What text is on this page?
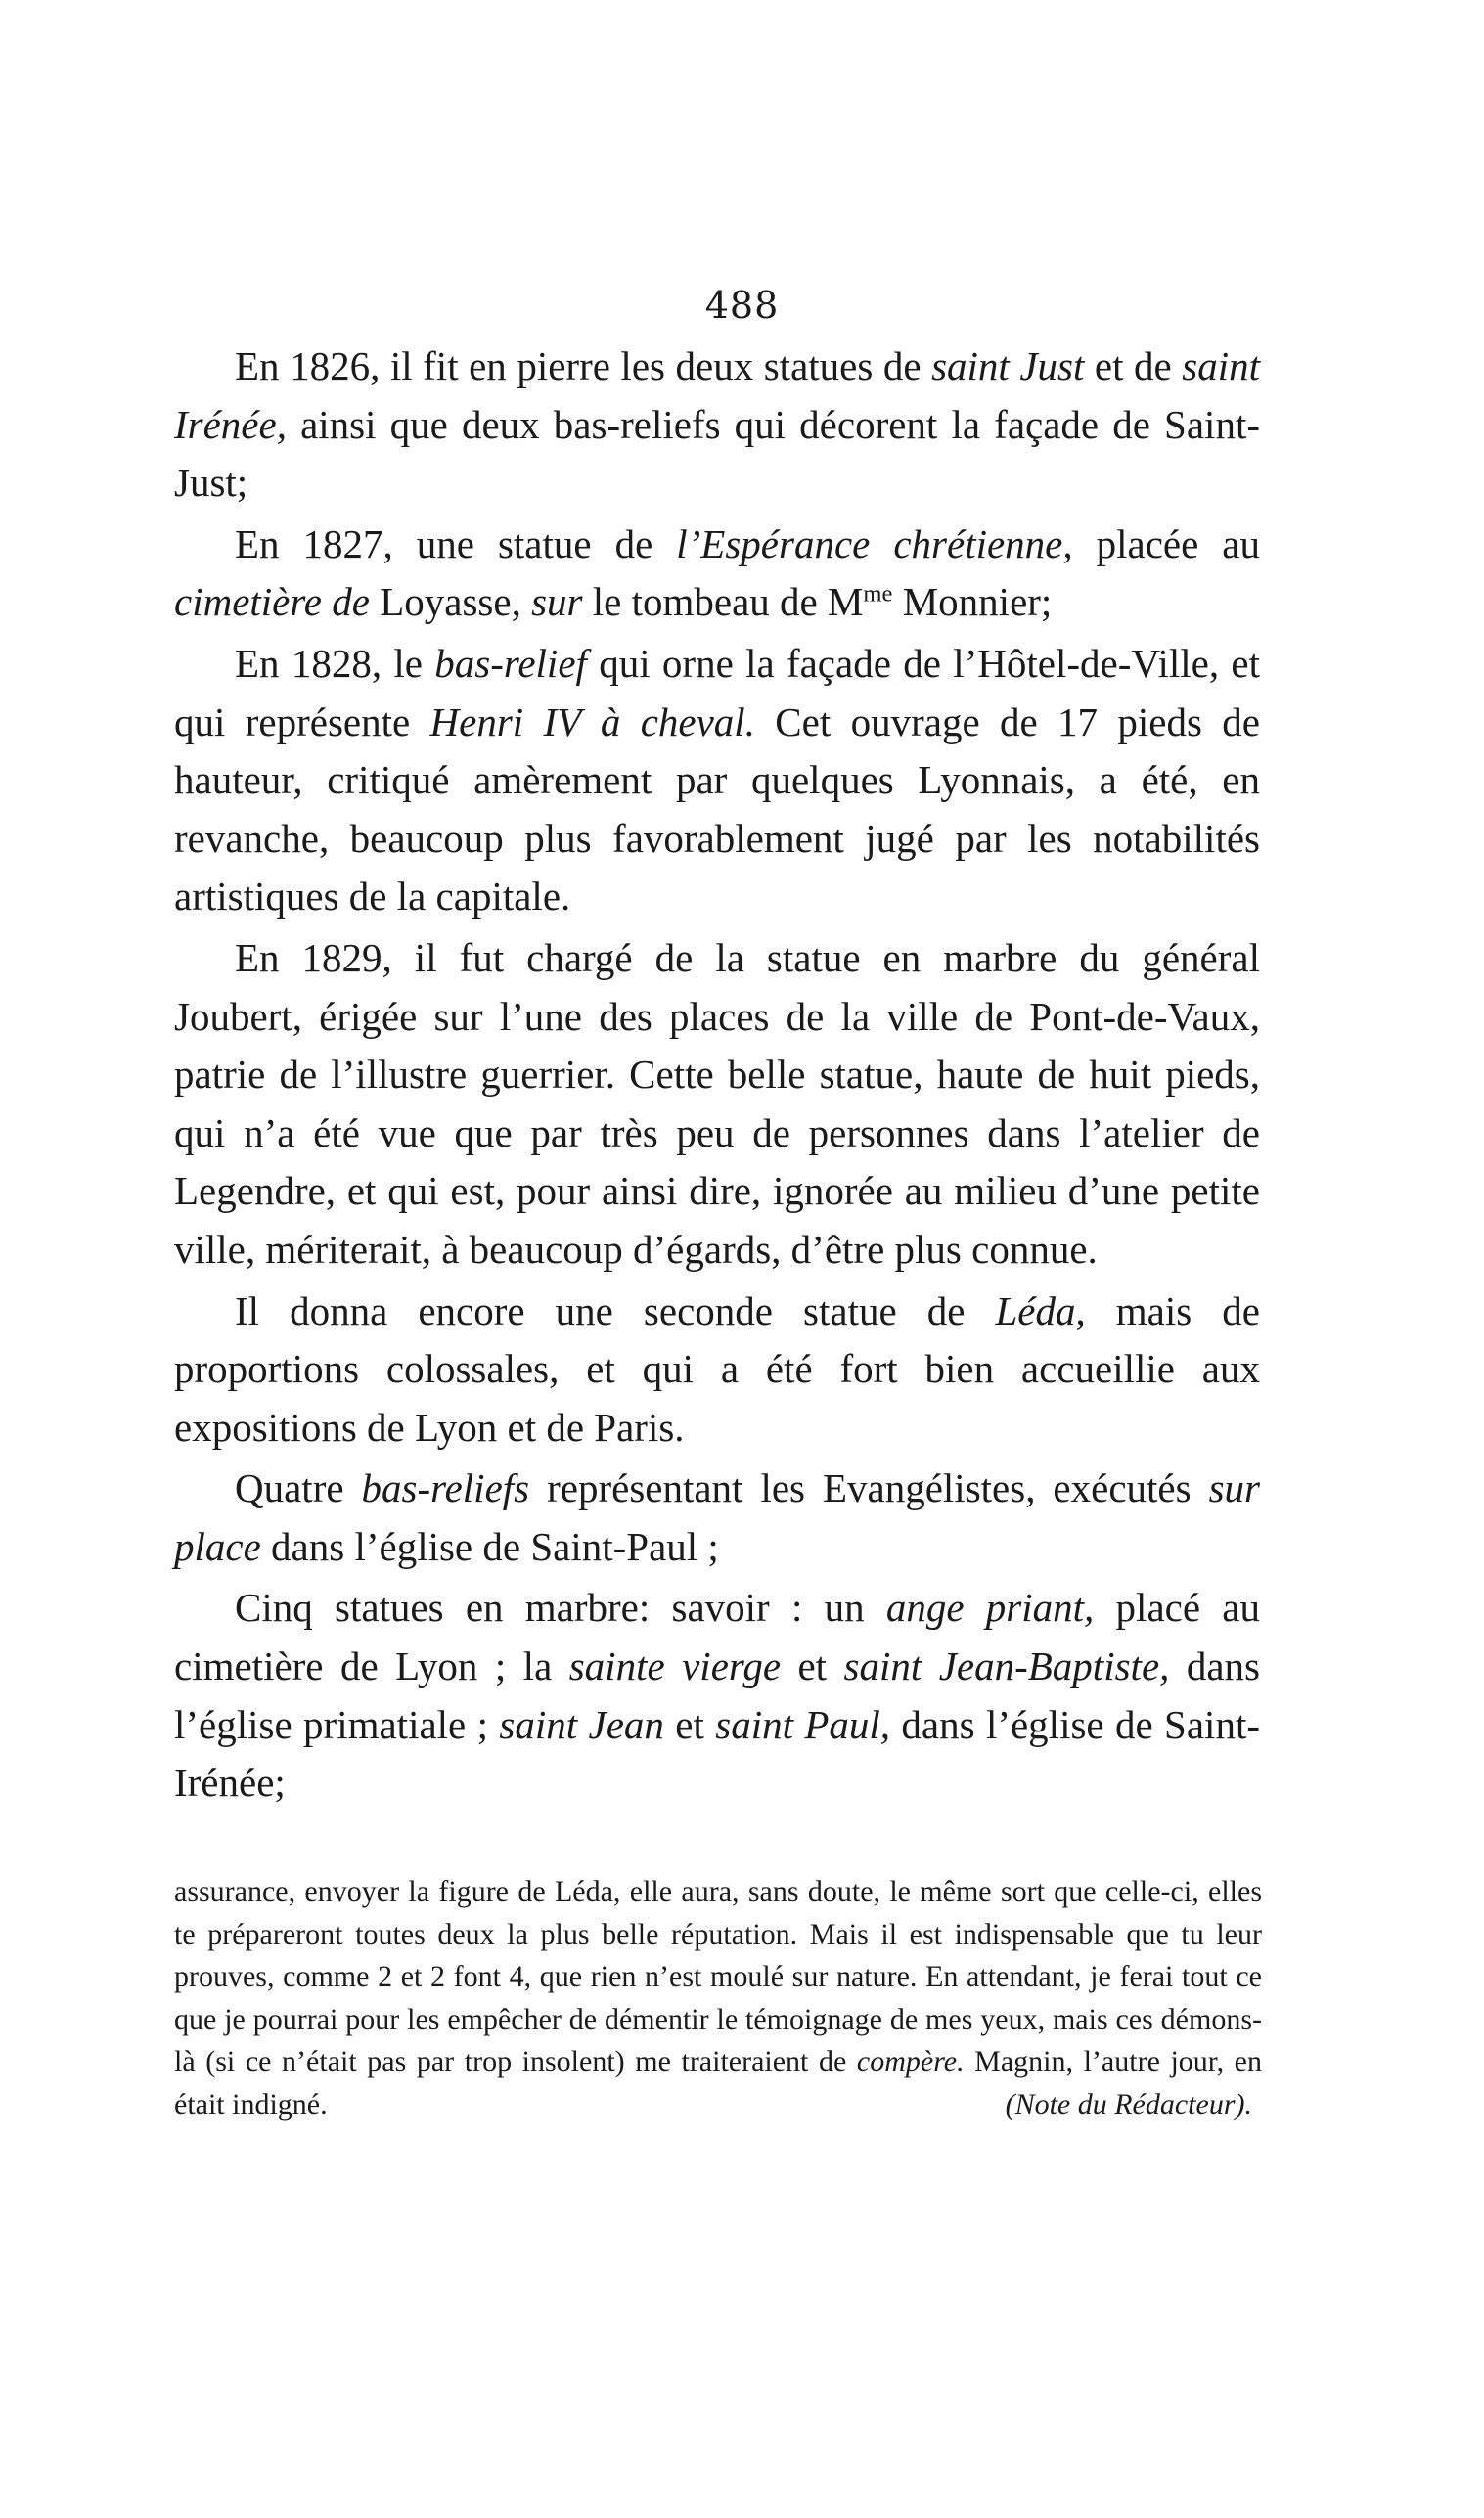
488

En 1826, il fit en pierre les deux statues de saint Just et de saint Irénée, ainsi que deux bas-reliefs qui décorent la façade de Saint-Just;

En 1827, une statue de l’Espérance chrétienne, placée au cimetière de Loyasse, sur le tombeau de $M^{me}$ Monnier;

En 1828, le bas-relief qui orne la façade de l’Hôtel-de-Ville, et qui représente Henri IV à cheval. Cet ouvrage de 17 pieds de hauteur, critiqué amèrement par quelques Lyonnais, a été, en revanche, beaucoup plus favorablement jugé par les notabilités artistiques de la capitale.

En 1829, il fut chargé de la statue en marbre du général Joubert, érigée sur l’une des places de la ville de Pont-de-Vaux, patrie de l’illustre guerrier. Cette belle statue, haute de huit pieds, qui n’a été vue que par très peu de personnes dans l’atelier de Legendre, et qui est, pour ainsi dire, ignorée au milieu d’une petite ville, mériterait, à beaucoup d’égards, d’être plus connue.

Il donna encore une seconde statue de Léda, mais de proportions colossales, et qui a été fort bien accueillie aux expositions de Lyon et de Paris.

Quatre bas-reliefs représentant les Evangélistes, exécutés sur place dans l’église de Saint-Paul ;

Cinq statues en marbre: savoir : un ange priant, placé au cimetière de Lyon ; la sainte vierge et saint Jean-Baptiste, dans l’église primatiale ; saint Jean et saint Paul, dans l’église de Saint-Irénée;

assurance, envoyer la figure de Léda, elle aura, sans doute, le même sort que celle-ci, elles te prépareront toutes deux la plus belle réputation. Mais il est indispensable que tu leur prouves, comme 2 et 2 font 4, que rien n’est moulé sur nature. En attendant, je ferai tout ce que je pourrai pour les empêcher de démentir le témoignage de mes yeux, mais ces démons-là (si ce n’était pas par trop insolent) me traiteraient de compère. Magnin, l’autre jour, en était indigné.	(Note du Rédacteur).
